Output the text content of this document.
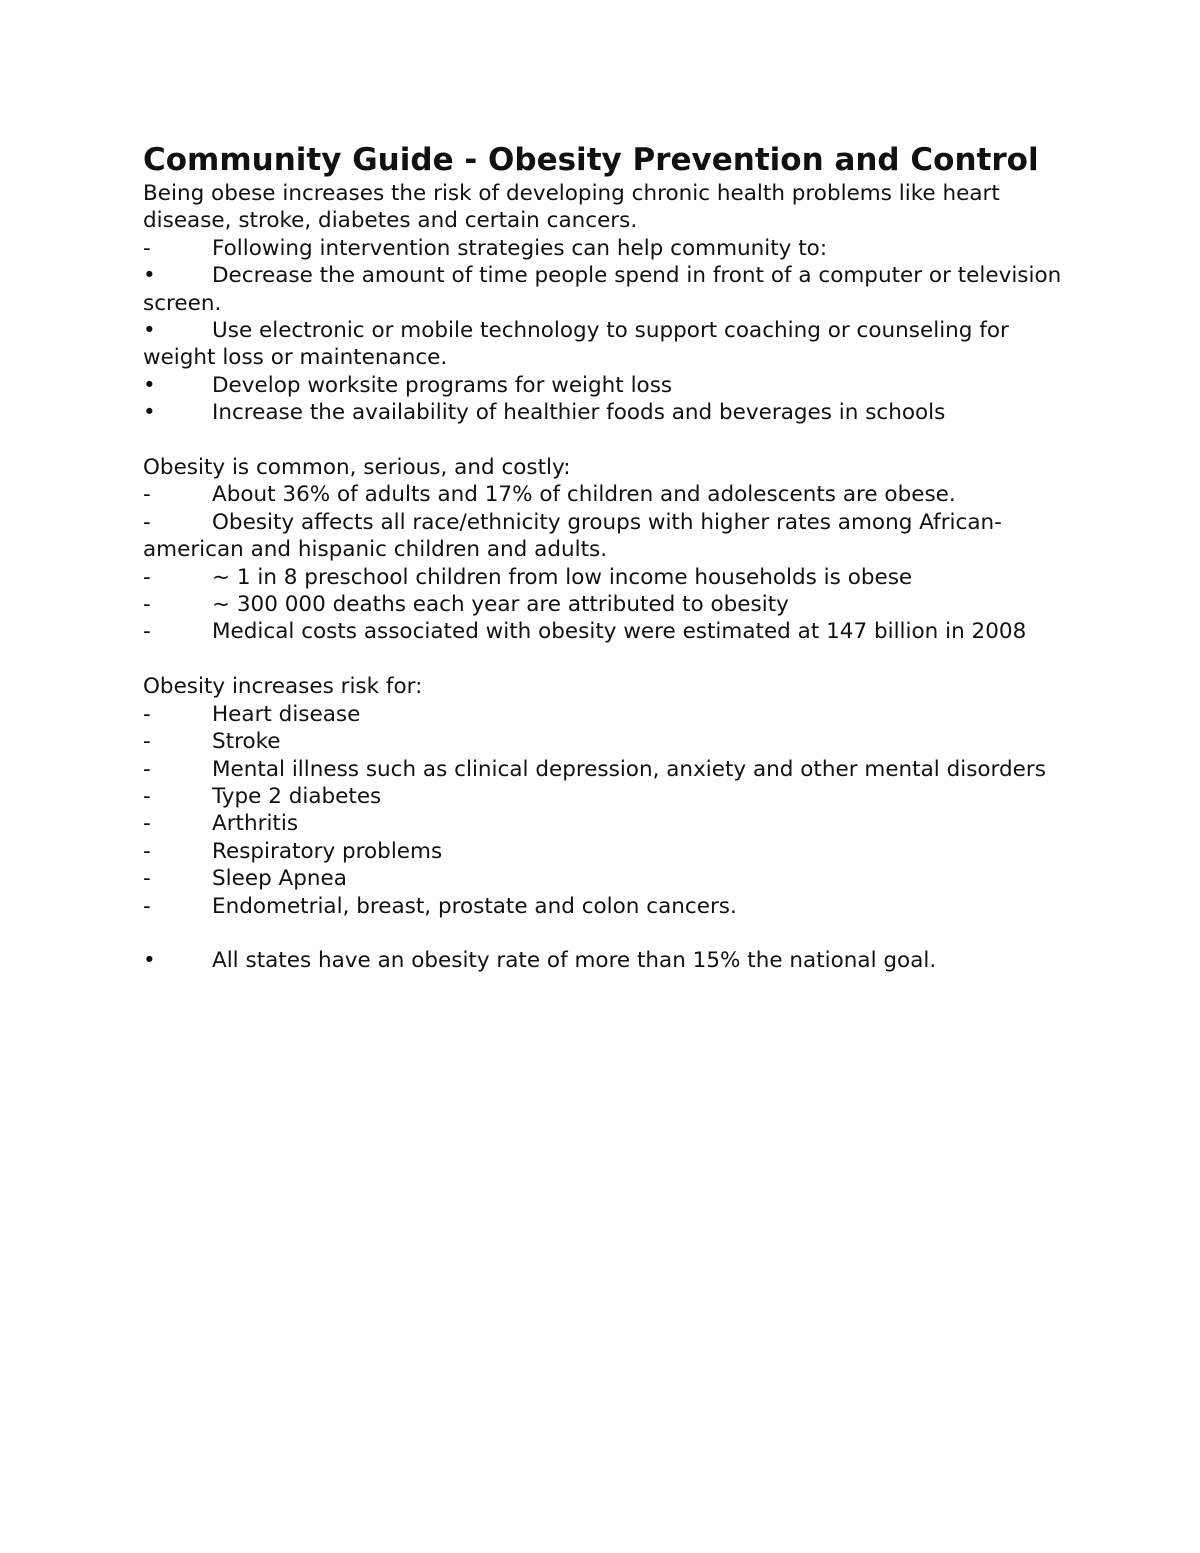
Community Guide - Obesity Prevention and Control

Being obese increases the risk of developing chronic health problems like heart disease, stroke, diabetes and certain cancers.

-	Following intervention strategies can help community to:

•	Decrease the amount of time people spend in front of a computer or television screen.

•	Use electronic or mobile technology to support coaching or counseling for weight loss or maintenance.

•	Develop worksite programs for weight loss

•	Increase the availability of healthier foods and beverages in schools

Obesity is common, serious, and costly:

-	About 36% of adults and 17% of children and adolescents are obese.

-	Obesity affects all race/ethnicity groups with higher rates among African-american and hispanic children and adults.

-	~ 1 in 8 preschool children from low income households is obese

-	~ 300 000 deaths each year are attributed to obesity

-	Medical costs associated with obesity were estimated at 147 billion in 2008

Obesity increases risk for:

-	Heart disease

-	Stroke

-	Mental illness such as clinical depression, anxiety and other mental disorders

-	Type 2 diabetes

-	Arthritis

-	Respiratory problems

-	Sleep Apnea

-	Endometrial, breast, prostate and colon cancers.

•	All states have an obesity rate of more than 15% the national goal.
